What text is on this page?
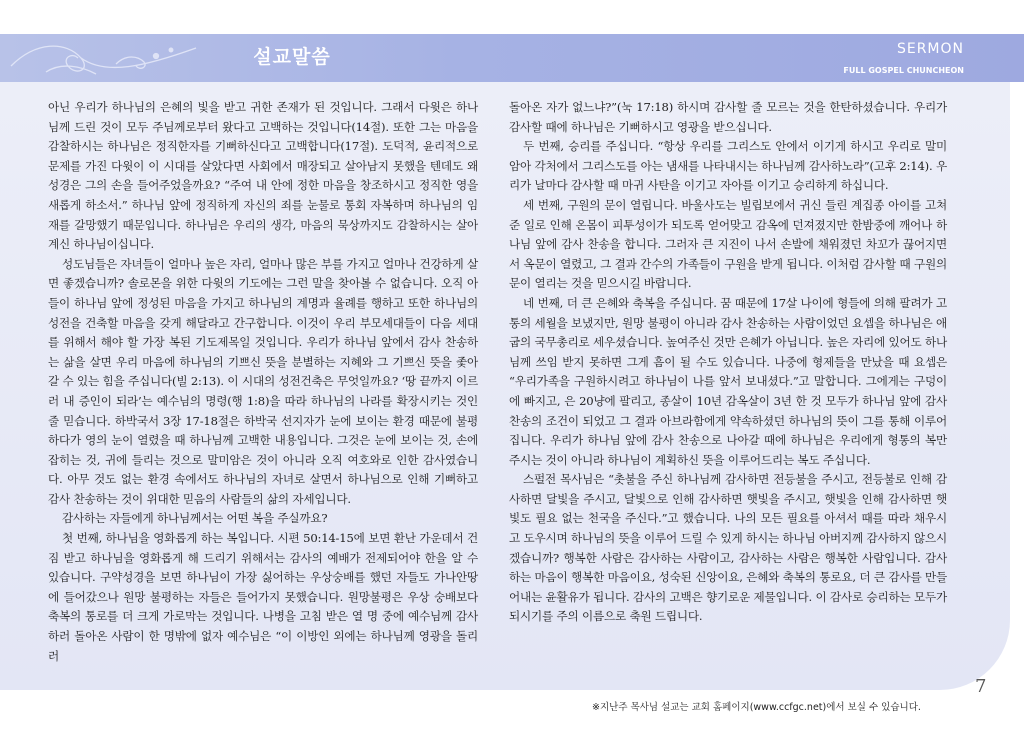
설교말씀	SERMON
FULL GOSPEL CHUNCHEON

아닌 우리가 하나님의 은혜의 빛을 받고 귀한 존재가 된 것입니다. 그래서 다윗은 하나님께 드린 것이 모두 주님께로부터 왔다고 고백하는 것입니다(14절). 또한 그는 마음을 감찰하시는 하나님은 정직한자를 기뻐하신다고 고백합니다(17절). 도덕적, 윤리적으로 문제를 가진 다윗이 이 시대를 살았다면 사회에서 매장되고 살아남지 못했을 텐데도 왜 성경은 그의 손을 들어주었을까요? “주여 내 안에 정한 마음을 창조하시고 정직한 영을 새롭게 하소서.” 하나님 앞에 정직하게 자신의 죄를 눈물로 통회 자복하며 하나님의 임재를 갈망했기 때문입니다. 하나님은 우리의 생각, 마음의 묵상까지도 감찰하시는 살아계신 하나님이십니다.

성도님들은 자녀들이 얼마나 높은 자리, 얼마나 많은 부를 가지고 얼마나 건강하게 살면 좋겠습니까? 솔로몬을 위한 다윗의 기도에는 그런 말을 찾아볼 수 없습니다. 오직 아들이 하나님 앞에 정성된 마음을 가지고 하나님의 계명과 율례를 행하고 또한 하나님의 성전을 건축할 마음을 갖게 해달라고 간구합니다. 이것이 우리 부모세대들이 다음 세대를 위해서 해야 할 가장 복된 기도제목일 것입니다. 우리가 하나님 앞에서 감사 찬송하는 삶을 살면 우리 마음에 하나님의 기쁘신 뜻을 분별하는 지혜와 그 기쁘신 뜻을 좇아갈 수 있는 힘을 주십니다(빌 2:13). 이 시대의 성전건축은 무엇일까요? ‘땅 끝까지 이르러 내 증인이 되라’는 예수님의 명령(행 1:8)을 따라 하나님의 나라를 확장시키는 것인 줄 믿습니다. 하박국서 3장 17-18절은 하박국 선지자가 눈에 보이는 환경 때문에 불평하다가 영의 눈이 열렸을 때 하나님께 고백한 내용입니다. 그것은 눈에 보이는 것, 손에 잡히는 것, 귀에 들리는 것으로 말미암은 것이 아니라 오직 여호와로 인한 감사였습니다. 아무 것도 없는 환경 속에서도 하나님의 자녀로 살면서 하나님으로 인해 기뻐하고 감사 찬송하는 것이 위대한 믿음의 사람들의 삶의 자세입니다.

감사하는 자들에게 하나님께서는 어떤 복을 주실까요?

첫 번째, 하나님을 영화롭게 하는 복입니다. 시편 50:14-15에 보면 환난 가운데서 건짐 받고 하나님을 영화롭게 해 드리기 위해서는 감사의 예배가 전제되어야 한을 알 수 있습니다. 구약성경을 보면 하나님이 가장 싫어하는 우상숭배를 했던 자들도 가나안땅에 들어갔으나 원망 불평하는 자들은 들어가지 못했습니다. 원망불평은 우상 숭배보다 축복의 통로를 더 크게 가로막는 것입니다. 나병을 고침 받은 열 명 중에 예수님께 감사하러 돌아온 사람이 한 명밖에 없자 예수님은 “이 이방인 외에는 하나님께 영광을 돌리러

돌아온 자가 없느냐?”(눅 17:18) 하시며 감사할 줄 모르는 것을 한탄하셨습니다. 우리가 감사할 때에 하나님은 기뻐하시고 영광을 받으십니다.

두 번째, 승리를 주십니다. “항상 우리를 그리스도 안에서 이기게 하시고 우리로 말미암아 각처에서 그리스도를 아는 냄새를 나타내시는 하나님께 감사하노라”(고후 2:14). 우리가 날마다 감사할 때 마귀 사탄을 이기고 자아를 이기고 승리하게 하십니다.

세 번째, 구원의 문이 열립니다. 바울사도는 빌립보에서 귀신 들린 계집종 아이를 고쳐준 일로 인해 온몸이 피투성이가 되도록 얻어맞고 감옥에 던져졌지만 한밤중에 깨어나 하나님 앞에 감사 찬송을 합니다. 그러자 큰 지진이 나서 손발에 채워졌던 차꼬가 끊어지면서 옥문이 열렸고, 그 결과 간수의 가족들이 구원을 받게 됩니다. 이처럼 감사할 때 구원의 문이 열리는 것을 믿으시길 바랍니다.

네 번째, 더 큰 은혜와 축복을 주십니다. 꿈 때문에 17살 나이에 형들에 의해 팔려가 고통의 세월을 보냈지만, 원망 불평이 아니라 감사 찬송하는 사람이었던 요셉을 하나님은 애굽의 국무총리로 세우셨습니다. 높여주신 것만 은혜가 아닙니다. 높은 자리에 있어도 하나님께 쓰임 받지 못하면 그게 흠이 될 수도 있습니다. 나중에 형제들을 만났을 때 요셉은 “우리가족을 구원하시려고 하나님이 나를 앞서 보내셨다.”고 말합니다. 그에게는 구덩이에 빠지고, 은 20냥에 팔리고, 종살이 10년 감옥살이 3년 한 것 모두가 하나님 앞에 감사 찬송의 조건이 되었고 그 결과 아브라함에게 약속하셨던 하나님의 뜻이 그를 통해 이루어집니다. 우리가 하나님 앞에 감사 찬송으로 나아갈 때에 하나님은 우리에게 형통의 복만 주시는 것이 아니라 하나님이 계획하신 뜻을 이루어드리는 복도 주십니다.

스펄전 목사님은 “촛불을 주신 하나님께 감사하면 전등불을 주시고, 전등불로 인해 감사하면 달빛을 주시고, 달빛으로 인해 감사하면 햇빛을 주시고, 햇빛을 인해 감사하면 햇빛도 필요 없는 천국을 주신다.”고 했습니다. 나의 모든 필요를 아셔서 때를 따라 채우시고 도우시며 하나님의 뜻을 이루어 드릴 수 있게 하시는 하나님 아버지께 감사하지 않으시겠습니까? 행복한 사람은 감사하는 사람이고, 감사하는 사람은 행복한 사람입니다. 감사하는 마음이 행복한 마음이요, 성숙된 신앙이요, 은혜와 축복의 통로요, 더 큰 감사를 만들어내는 윤활유가 됩니다. 감사의 고백은 향기로운 제물입니다. 이 감사로 승리하는 모두가 되시기를 주의 이름으로 축원 드립니다.

7
※지난주 목사님 설교는 교회 홈페이지(www.ccfgc.net)에서 보실 수 있습니다.
